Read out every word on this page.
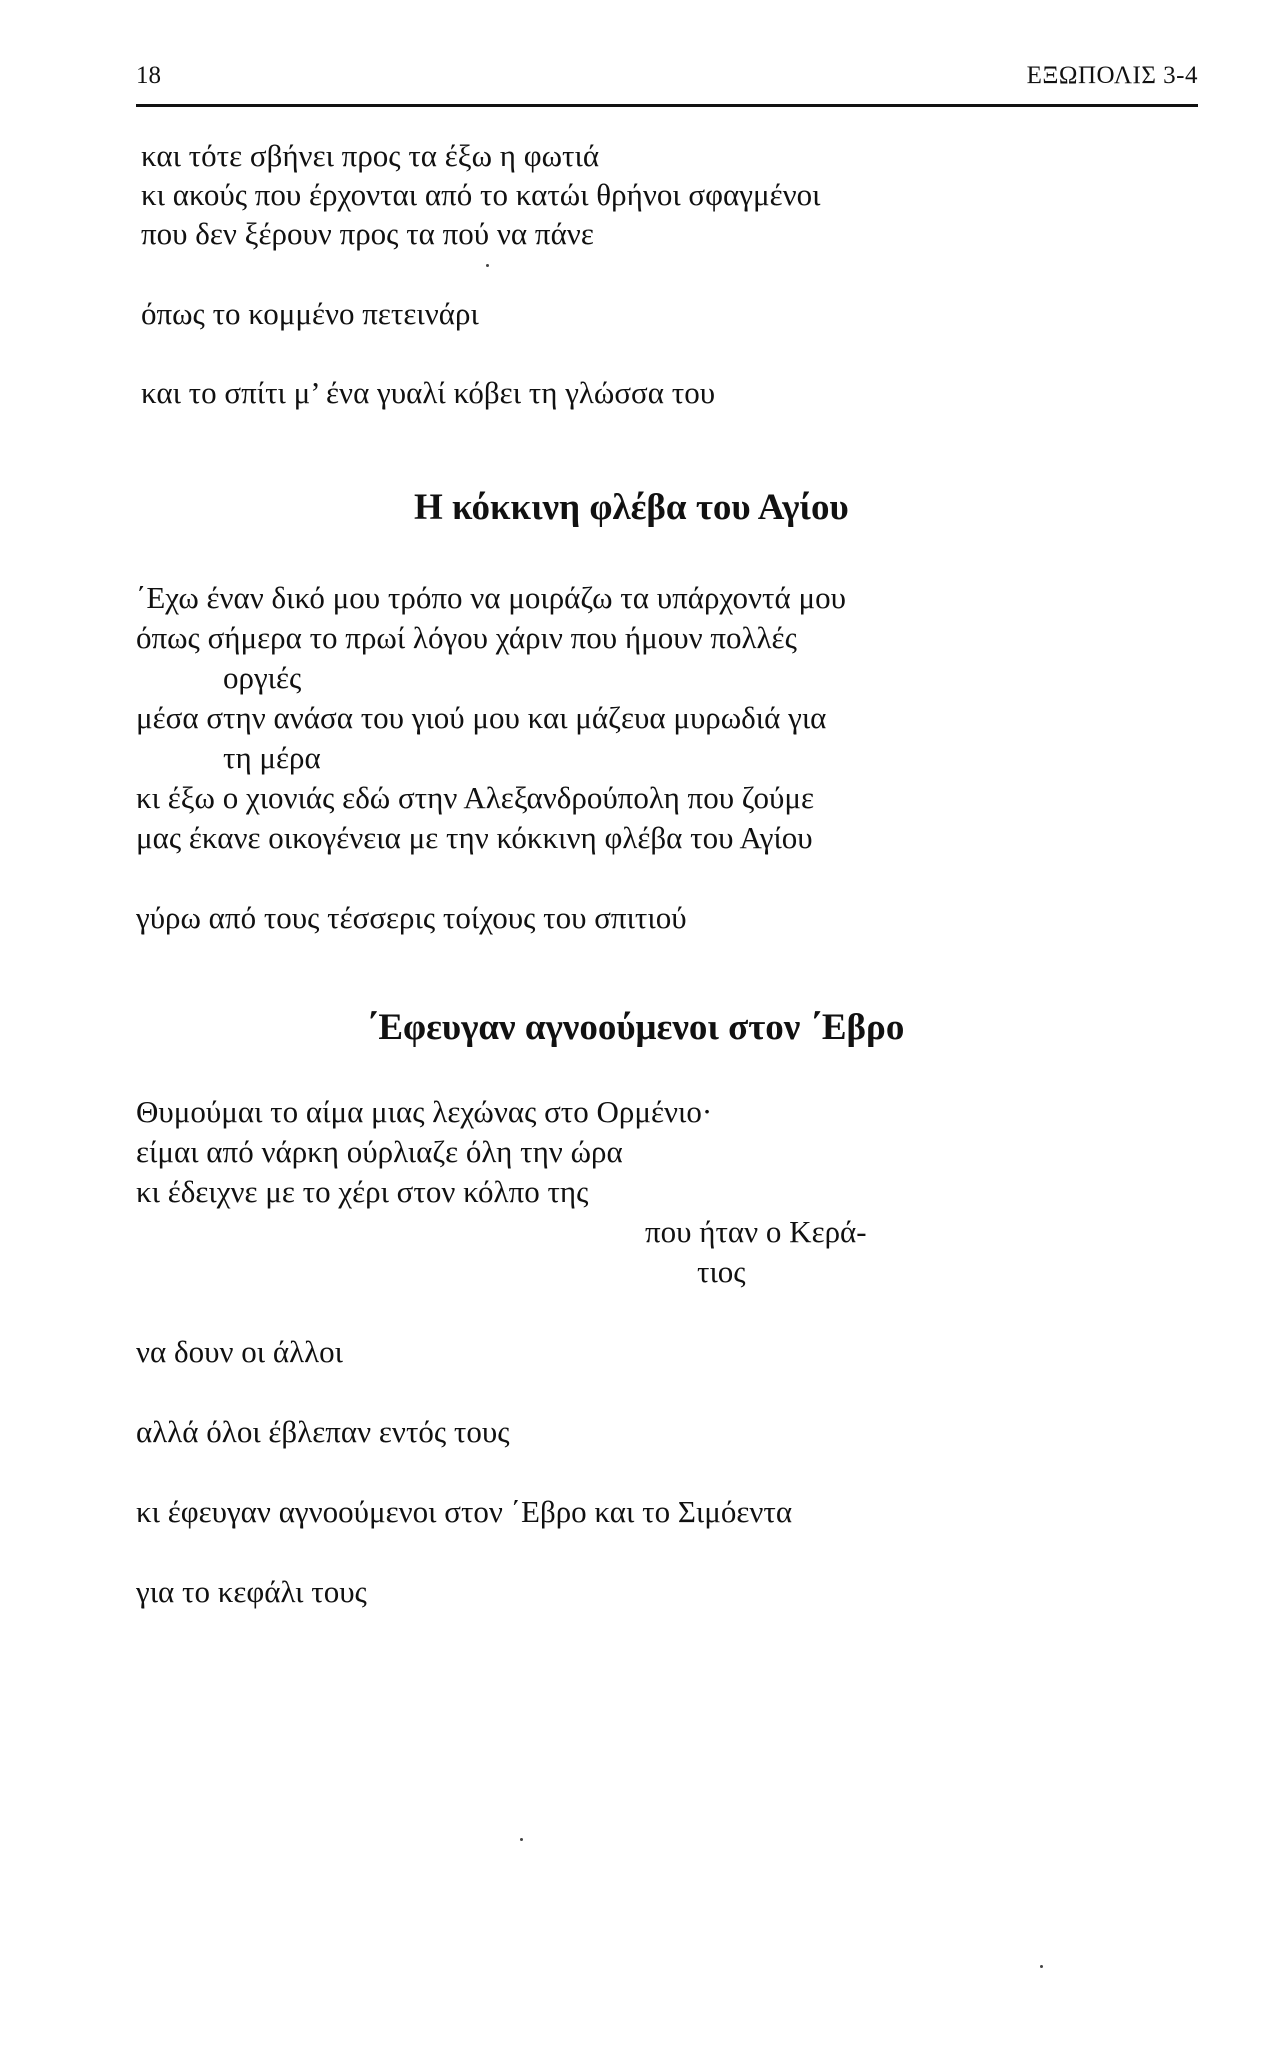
18	ΕΞΩΠΟΛΙΣ 3-4
και τότε σβήνει προς τα έξω η φωτιά
κι ακούς που έρχονται από το κατώι θρήνοι σφαγμένοι
που δεν ξέρουν προς τα πού να πάνε
όπως το κομμένο πετεινάρι
και το σπίτι μ’ ένα γυαλί κόβει τη γλώσσα του
Η κόκκινη φλέβα του Αγίου
΄Εχω έναν δικό μου τρόπο να μοιράζω τα υπάρχοντά μου
όπως σήμερα το πρωί λόγου χάριν που ήμουν πολλές
οργιές
μέσα στην ανάσα του γιού μου και μάζευα μυρωδιά για
τη μέρα
κι έξω ο χιονιάς εδώ στην Αλεξανδρούπολη που ζούμε
μας έκανε οικογένεια με την κόκκινη φλέβα του Αγίου
γύρω από τους τέσσερις τοίχους του σπιτιού
΄Εφευγαν αγνοούμενοι στον ΄Εβρο
Θυμούμαι το αίμα μιας λεχώνας στο Ορμένιο·
είμαι από νάρκη ούρλιαζε όλη την ώρα
κι έδειχνε με το χέρι στον κόλπο της
που ήταν ο Κερά-
τιος
να δουν οι άλλοι
αλλά όλοι έβλεπαν εντός τους
κι έφευγαν αγνοούμενοι στον ΄Εβρο και το Σιμόεντα
για το κεφάλι τους
